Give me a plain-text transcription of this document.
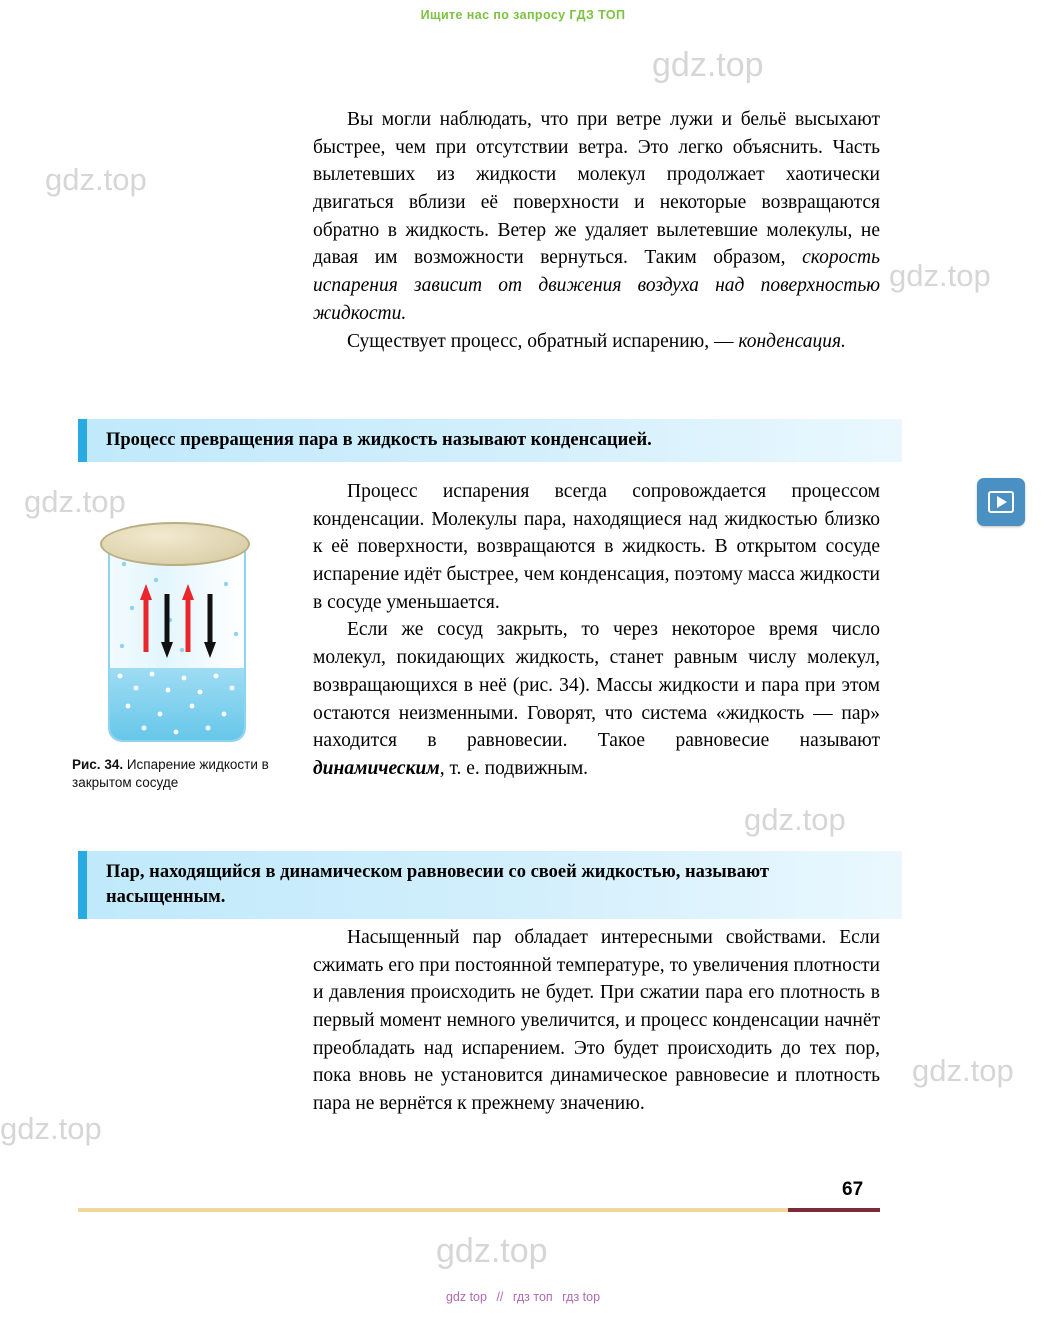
Ищите нас по запросу ГДЗ ТОП
gdz.top
gdz.top
gdz.top
gdz.top
gdz.top
gdz.top
gdz.top
gdz.top

Вы могли наблюдать, что при ветре лужи и бельё высыхают быстрее, чем при отсутствии ветра. Это легко объяснить. Часть вылетевших из жидкости молекул продолжает хаотически двигаться вблизи её поверхности и некоторые возвращаются обратно в жидкость. Ветер же удаляет вылетевшие молекулы, не давая им возможности вернуться. Таким образом, скорость испарения зависит от движения воздуха над поверхностью жидкости.

Существует процесс, обратный испарению, — конденсация.

Процесс превращения пара в жидкость называют конденсацией.
Рис. 34. Испарение жидкости в закрытом сосуде

Процесс испарения всегда сопровождается процессом конденсации. Молекулы пара, находящиеся над жидкостью близко к её поверхности, возвращаются в жидкость. В открытом сосуде испарение идёт быстрее, чем конденсация, поэтому масса жидкости в сосуде уменьшается.

Если же сосуд закрыть, то через некоторое время число молекул, покидающих жидкость, станет равным числу молекул, возвращающихся в неё (рис. 34). Массы жидкости и пара при этом остаются неизменными. Говорят, что система «жидкость — пар» находится в равновесии. Такое равновесие называют динамическим, т. е. подвижным.

Пар, находящийся в динамическом равновесии со своей жидкостью, называют насыщенным.

Насыщенный пар обладает интересными свойствами. Если сжимать его при постоянной температуре, то увеличения плотности и давления происходить не будет. При сжатии пара его плотность в первый момент немного увеличится, и процесс конденсации начнёт преобладать над испарением. Это будет происходить до тех пор, пока вновь не установится динамическое равновесие и плотность пара не вернётся к прежнему значению.

67
gdz top // гдз топ гдз top
